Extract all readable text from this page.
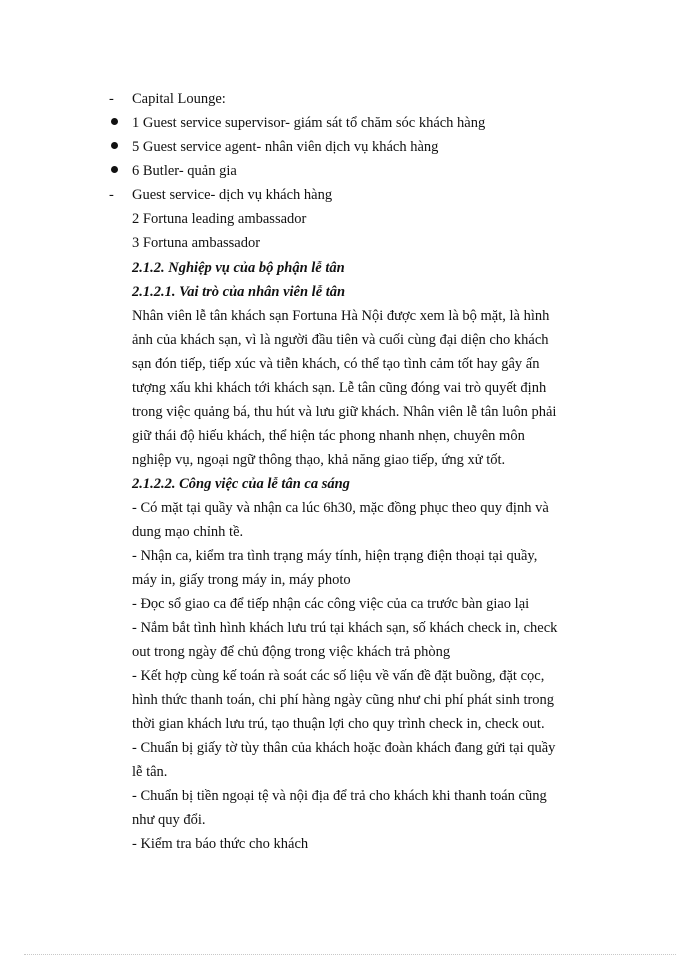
- Capital Lounge:
1 Guest service supervisor- giám sát tổ chăm sóc khách hàng
5 Guest service agent- nhân viên dịch vụ khách hàng
6 Butler- quản gia
- Guest service- dịch vụ khách hàng
2 Fortuna leading ambassador
3 Fortuna ambassador
2.1.2. Nghiệp vụ của bộ phận lễ tân
2.1.2.1. Vai trò của nhân viên lễ tân
Nhân viên lễ tân khách sạn Fortuna Hà Nội được xem là bộ mặt, là hình
ảnh của khách sạn, vì là người đầu tiên và cuối cùng đại diện cho khách
sạn đón tiếp, tiếp xúc và tiễn khách, có thể tạo tình cảm tốt hay gây ấn
tượng xấu khi khách tới khách sạn. Lễ tân cũng đóng vai trò quyết định
trong việc quảng bá, thu hút và lưu giữ khách. Nhân viên lễ tân luôn phải
giữ thái độ hiếu khách, thể hiện tác phong nhanh nhẹn, chuyên môn
nghiệp vụ, ngoại ngữ thông thạo, khả năng giao tiếp, ứng xử tốt.
2.1.2.2. Công việc của lễ tân ca sáng
- Có mặt tại quầy và nhận ca lúc 6h30, mặc đồng phục theo quy định và
dung mạo chỉnh tề.
- Nhận ca, kiểm tra tình trạng máy tính, hiện trạng điện thoại tại quầy,
máy in, giấy trong máy in, máy photo
- Đọc sổ giao ca để tiếp nhận các công việc của ca trước bàn giao lại
- Nắm bắt tình hình khách lưu trú tại khách sạn, số khách check in, check
out trong ngày để chủ động trong việc khách trả phòng
- Kết hợp cùng kế toán rà soát các số liệu về vấn đề đặt buồng, đặt cọc,
hình thức thanh toán, chi phí hàng ngày cũng như chi phí phát sinh trong
thời gian khách lưu trú, tạo thuận lợi cho quy trình check in, check out.
- Chuẩn bị giấy tờ tùy thân của khách hoặc đoàn khách đang gửi tại quầy
lễ tân.
- Chuẩn bị tiền ngoại tệ và nội địa để trả cho khách khi thanh toán cũng
như quy đổi.
- Kiểm tra báo thức cho khách
